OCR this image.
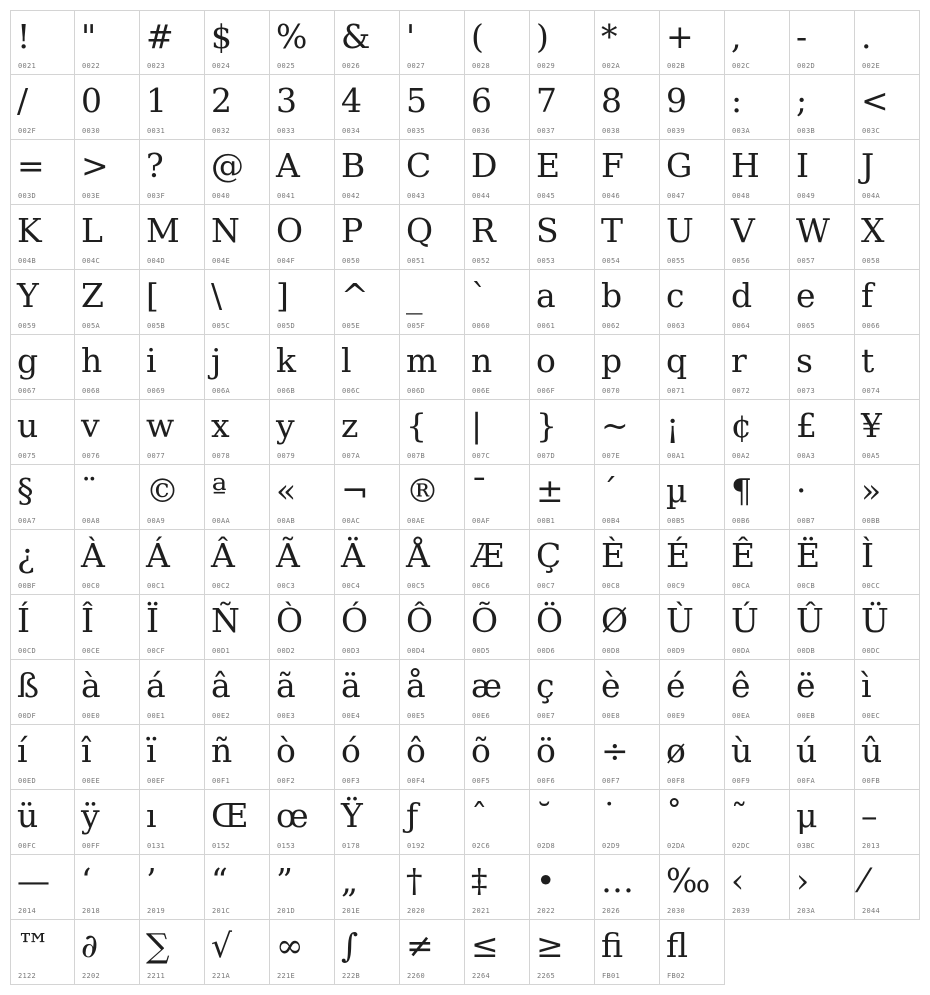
!
0021
"
0022
#
0023
$
0024
%
0025
&
0026
'
0027
(
0028
)
0029
*
002A
+
002B
,
002C
-
002D
.
002E
/
002F
0
0030
1
0031
2
0032
3
0033
4
0034
5
0035
6
0036
7
0037
8
0038
9
0039
:
003A
;
003B
<
003C
=
003D
>
003E
?
003F
@
0040
A
0041
B
0042
C
0043
D
0044
E
0045
F
0046
G
0047
H
0048
I
0049
J
004A
K
004B
L
004C
M
004D
N
004E
O
004F
P
0050
Q
0051
R
0052
S
0053
T
0054
U
0055
V
0056
W
0057
X
0058
Y
0059
Z
005A
[
005B
\
005C
]
005D
^
005E
_
005F
`
0060
a
0061
b
0062
c
0063
d
0064
e
0065
f
0066
g
0067
h
0068
i
0069
j
006A
k
006B
l
006C
m
006D
n
006E
o
006F
p
0070
q
0071
r
0072
s
0073
t
0074
u
0075
v
0076
w
0077
x
0078
y
0079
z
007A
{
007B
|
007C
}
007D
~
007E
¡
00A1
¢
00A2
£
00A3
¥
00A5
§
00A7
¨
00A8
©
00A9
ª
00AA
«
00AB
¬
00AC
®
00AE
¯
00AF
±
00B1
´
00B4
µ
00B5
¶
00B6
·
00B7
»
00BB
¿
00BF
À
00C0
Á
00C1
Â
00C2
Ã
00C3
Ä
00C4
Å
00C5
Æ
00C6
Ç
00C7
È
00C8
É
00C9
Ê
00CA
Ë
00CB
Ì
00CC
Í
00CD
Î
00CE
Ï
00CF
Ñ
00D1
Ò
00D2
Ó
00D3
Ô
00D4
Õ
00D5
Ö
00D6
Ø
00D8
Ù
00D9
Ú
00DA
Û
00DB
Ü
00DC
ß
00DF
à
00E0
á
00E1
â
00E2
ã
00E3
ä
00E4
å
00E5
æ
00E6
ç
00E7
è
00E8
é
00E9
ê
00EA
ë
00EB
ì
00EC
í
00ED
î
00EE
ï
00EF
ñ
00F1
ò
00F2
ó
00F3
ô
00F4
õ
00F5
ö
00F6
÷
00F7
ø
00F8
ù
00F9
ú
00FA
û
00FB
ü
00FC
ÿ
00FF
ı
0131
Œ
0152
œ
0153
Ÿ
0178
ƒ
0192
ˆ
02C6
˘
02D8
˙
02D9
˚
02DA
˜
02DC
μ
03BC
–
2013
—
2014
‘
2018
’
2019
“
201C
”
201D
„
201E
†
2020
‡
2021
•
2022
…
2026
‰
2030
‹
2039
›
203A
⁄
2044
™
2122
∂
2202
∑
2211
√
221A
∞
221E
∫
222B
≠
2260
≤
2264
≥
2265
ﬁ
FB01
ﬂ
FB02
